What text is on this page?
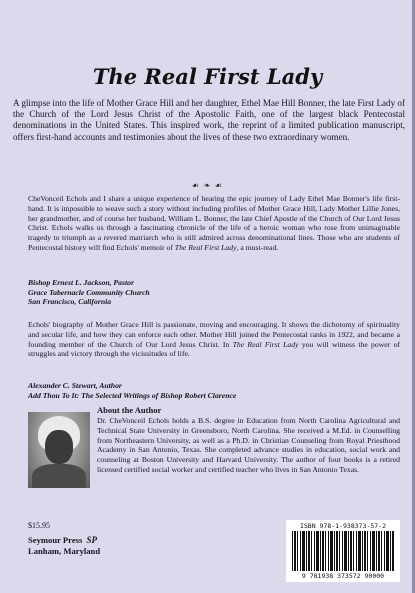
The Real First Lady
A glimpse into the life of Mother Grace Hill and her daughter, Ethel Mae Hill Bonner, the late First Lady of the Church of the Lord Jesus Christ of the Apostolic Faith, one of the largest black Pentecostal denominations in the United States. This inspired work, the reprint of a limited publication manuscript, offers first-hand accounts and testimonies about the lives of these two extraordinary women.
☙ ❧ ☙
CheVonceil Echols and I share a unique experience of hearing the epic journey of Lady Ethel Mae Bonner's life first-hand. It is impossible to weave such a story without including profiles of Mother Grace Hill, Lady Mother Lillie Jones, her grandmother, and of course her husband, William L. Bonner, the late Chief Apostle of the Church of Our Lord Jesus Christ. Echols walks us through a fascinating chronicle of the life of a heroic woman who rose from unimaginable tragedy to triumph as a revered matriarch who is still admired across denominational lines. Those who are students of Pentecostal history will find Echols' memoir of The Real First Lady, a must-read.
Bishop Ernest L. Jackson, Pastor
Grace Tabernacle Community Church
San Francisco, California
Echols' biography of Mother Grace Hill is passionate, moving and encouraging. It shows the dichotomy of spirituality and secular life, and how they can enforce each other. Mother Hill joined the Pentecostal ranks in 1922, and became a founding member of the Church of Our Lord Jesus Christ. In The Real First Lady you will witness the power of struggles and victory through the vicissitudes of life.
Alexander C. Stewart, Author
Add Thou To It: The Selected Writings of Bishop Robert Clarence
About the Author
Dr. CheVonceil Echols holds a B.S. degree in Education from North Carolina Agricultural and Technical State University in Greensboro, North Carolina. She received a M.Ed. in Counselling from Northeastern University, as well as a Ph.D. in Christian Counseling from Royal Priesthood Academy in San Antonio, Texas. She completed advance studies in education, social work and counseling at Boston University and Harvard University. The author of four books is a retired licensed certified social worker and certified teacher who lives in San Antonio Texas.
$15.95
Seymour Press SP
Lanham, Maryland
ISBN 978-1-938373-57-2
9 781938 373572 90000
